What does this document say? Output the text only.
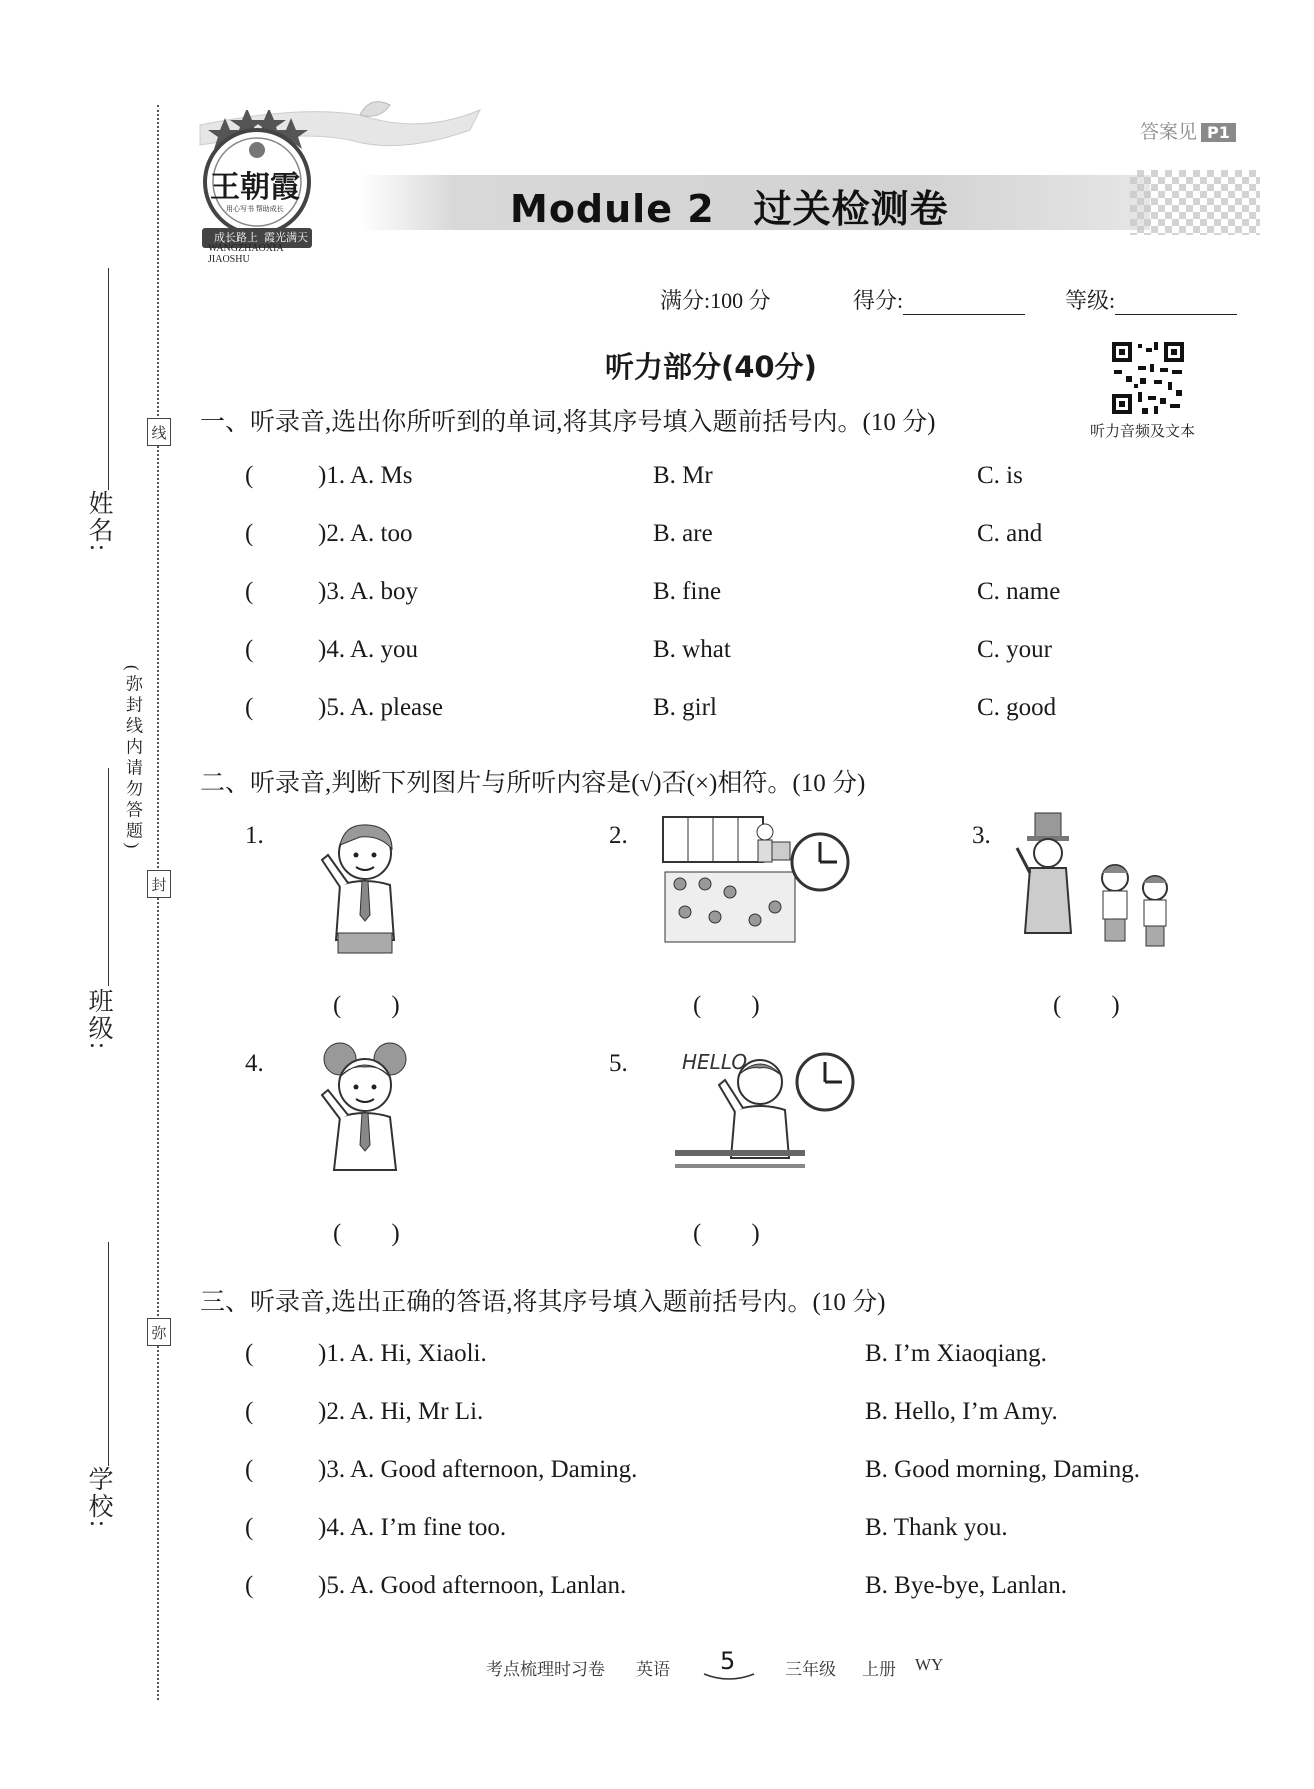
线
封
弥
(弥封线内请勿答题)
姓名:
班级:
学校:
王朝霞
用心写书 帮助成长
WANGZHAOXIA JIAOSHU
成长路上 霞光满天
Module 2　过关检测卷
答案见 P1
满分:100 分	得分:	等级:
听力部分(40分)
听力音频及文本
一、听录音,选出你所听到的单词,将其序号填入题前括号内。(10 分)
(	)1. A. Ms	B. Mr	C. is
(	)2. A. too	B. are	C. and
(	)3. A. boy	B. fine	C. name
(	)4. A. you	B. what	C. your
(	)5. A. please	B. girl	C. good
二、听录音,判断下列图片与所听内容是(√)否(×)相符。(10 分)
1.
(　　)
2.
(　　)
3.
(　　)
4.
(　　)
5.	HELLO
(　　)
三、听录音,选出正确的答语,将其序号填入题前括号内。(10 分)
(	)1. A. Hi, Xiaoli.	B. I’m Xiaoqiang.
(	)2. A. Hi, Mr Li.	B. Hello, I’m Amy.
(	)3. A. Good afternoon, Daming.	B. Good morning, Daming.
(	)4. A. I’m fine too.	B. Thank you.
(	)5. A. Good afternoon, Lanlan.	B. Bye-bye, Lanlan.
考点梳理时习卷 英语 5	三年级 上册 WY
